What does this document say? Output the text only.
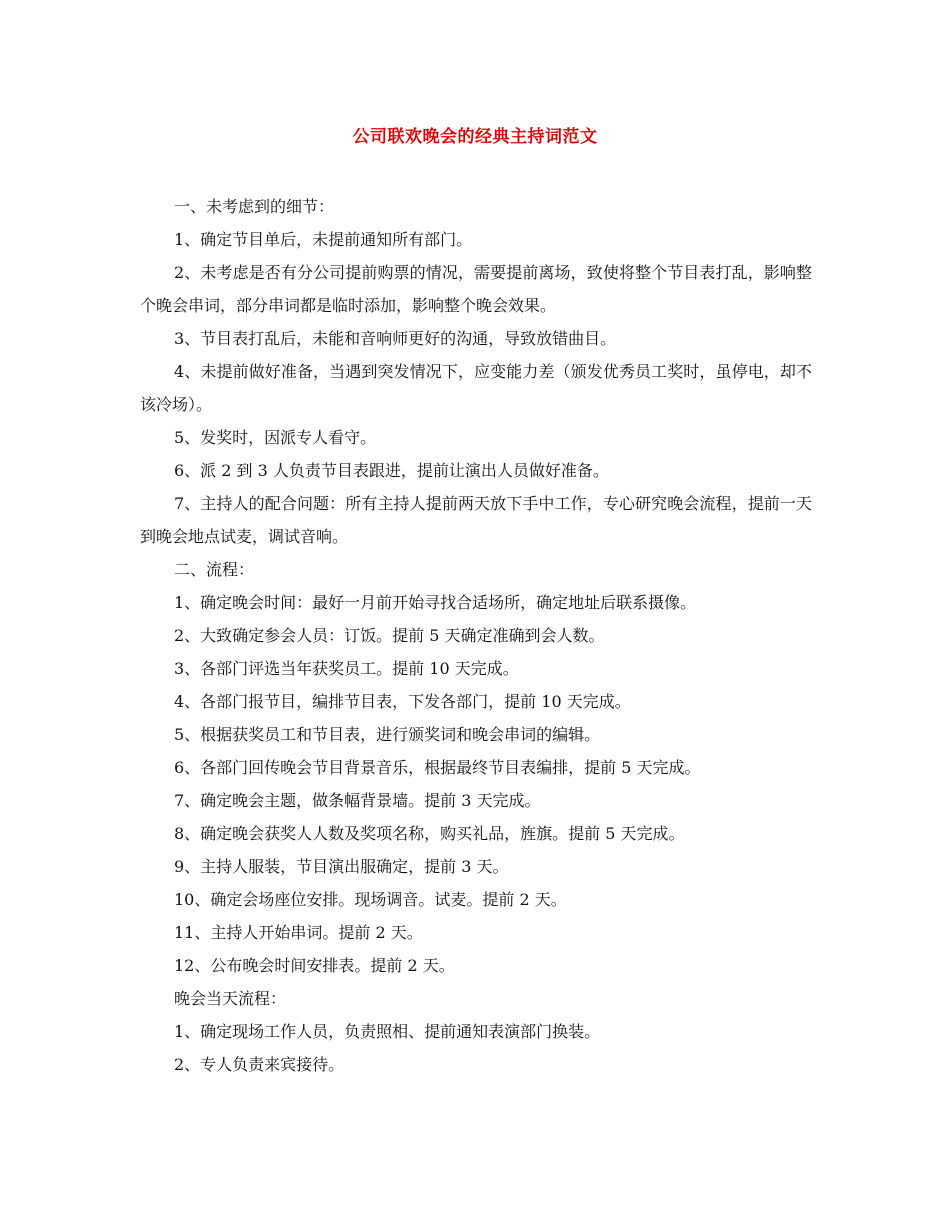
公司联欢晚会的经典主持词范文

一、未考虑到的细节：

1、确定节目单后，未提前通知所有部门。

2、未考虑是否有分公司提前购票的情况，需要提前离场，致使将整个节目表打乱，影响整个晚会串词，部分串词都是临时添加，影响整个晚会效果。

3、节目表打乱后，未能和音响师更好的沟通，导致放错曲目。

4、未提前做好准备，当遇到突发情况下，应变能力差（颁发优秀员工奖时，虽停电，却不该冷场）。

5、发奖时，因派专人看守。

6、派 2 到 3 人负责节目表跟进，提前让演出人员做好准备。

7、主持人的配合问题：所有主持人提前两天放下手中工作，专心研究晚会流程，提前一天到晚会地点试麦，调试音响。

二、流程：

1、确定晚会时间：最好一月前开始寻找合适场所，确定地址后联系摄像。

2、大致确定参会人员：订饭。提前 5 天确定准确到会人数。

3、各部门评选当年获奖员工。提前 10 天完成。

4、各部门报节目，编排节目表，下发各部门，提前 10 天完成。

5、根据获奖员工和节目表，进行颁奖词和晚会串词的编辑。

6、各部门回传晚会节目背景音乐，根据最终节目表编排，提前 5 天完成。

7、确定晚会主题，做条幅背景墙。提前 3 天完成。

8、确定晚会获奖人人数及奖项名称，购买礼品，旌旗。提前 5 天完成。

9、主持人服装，节目演出服确定，提前 3 天。

10、确定会场座位安排。现场调音。试麦。提前 2 天。

11、主持人开始串词。提前 2 天。

12、公布晚会时间安排表。提前 2 天。

晚会当天流程：

1、确定现场工作人员，负责照相、提前通知表演部门换装。

2、专人负责来宾接待。
